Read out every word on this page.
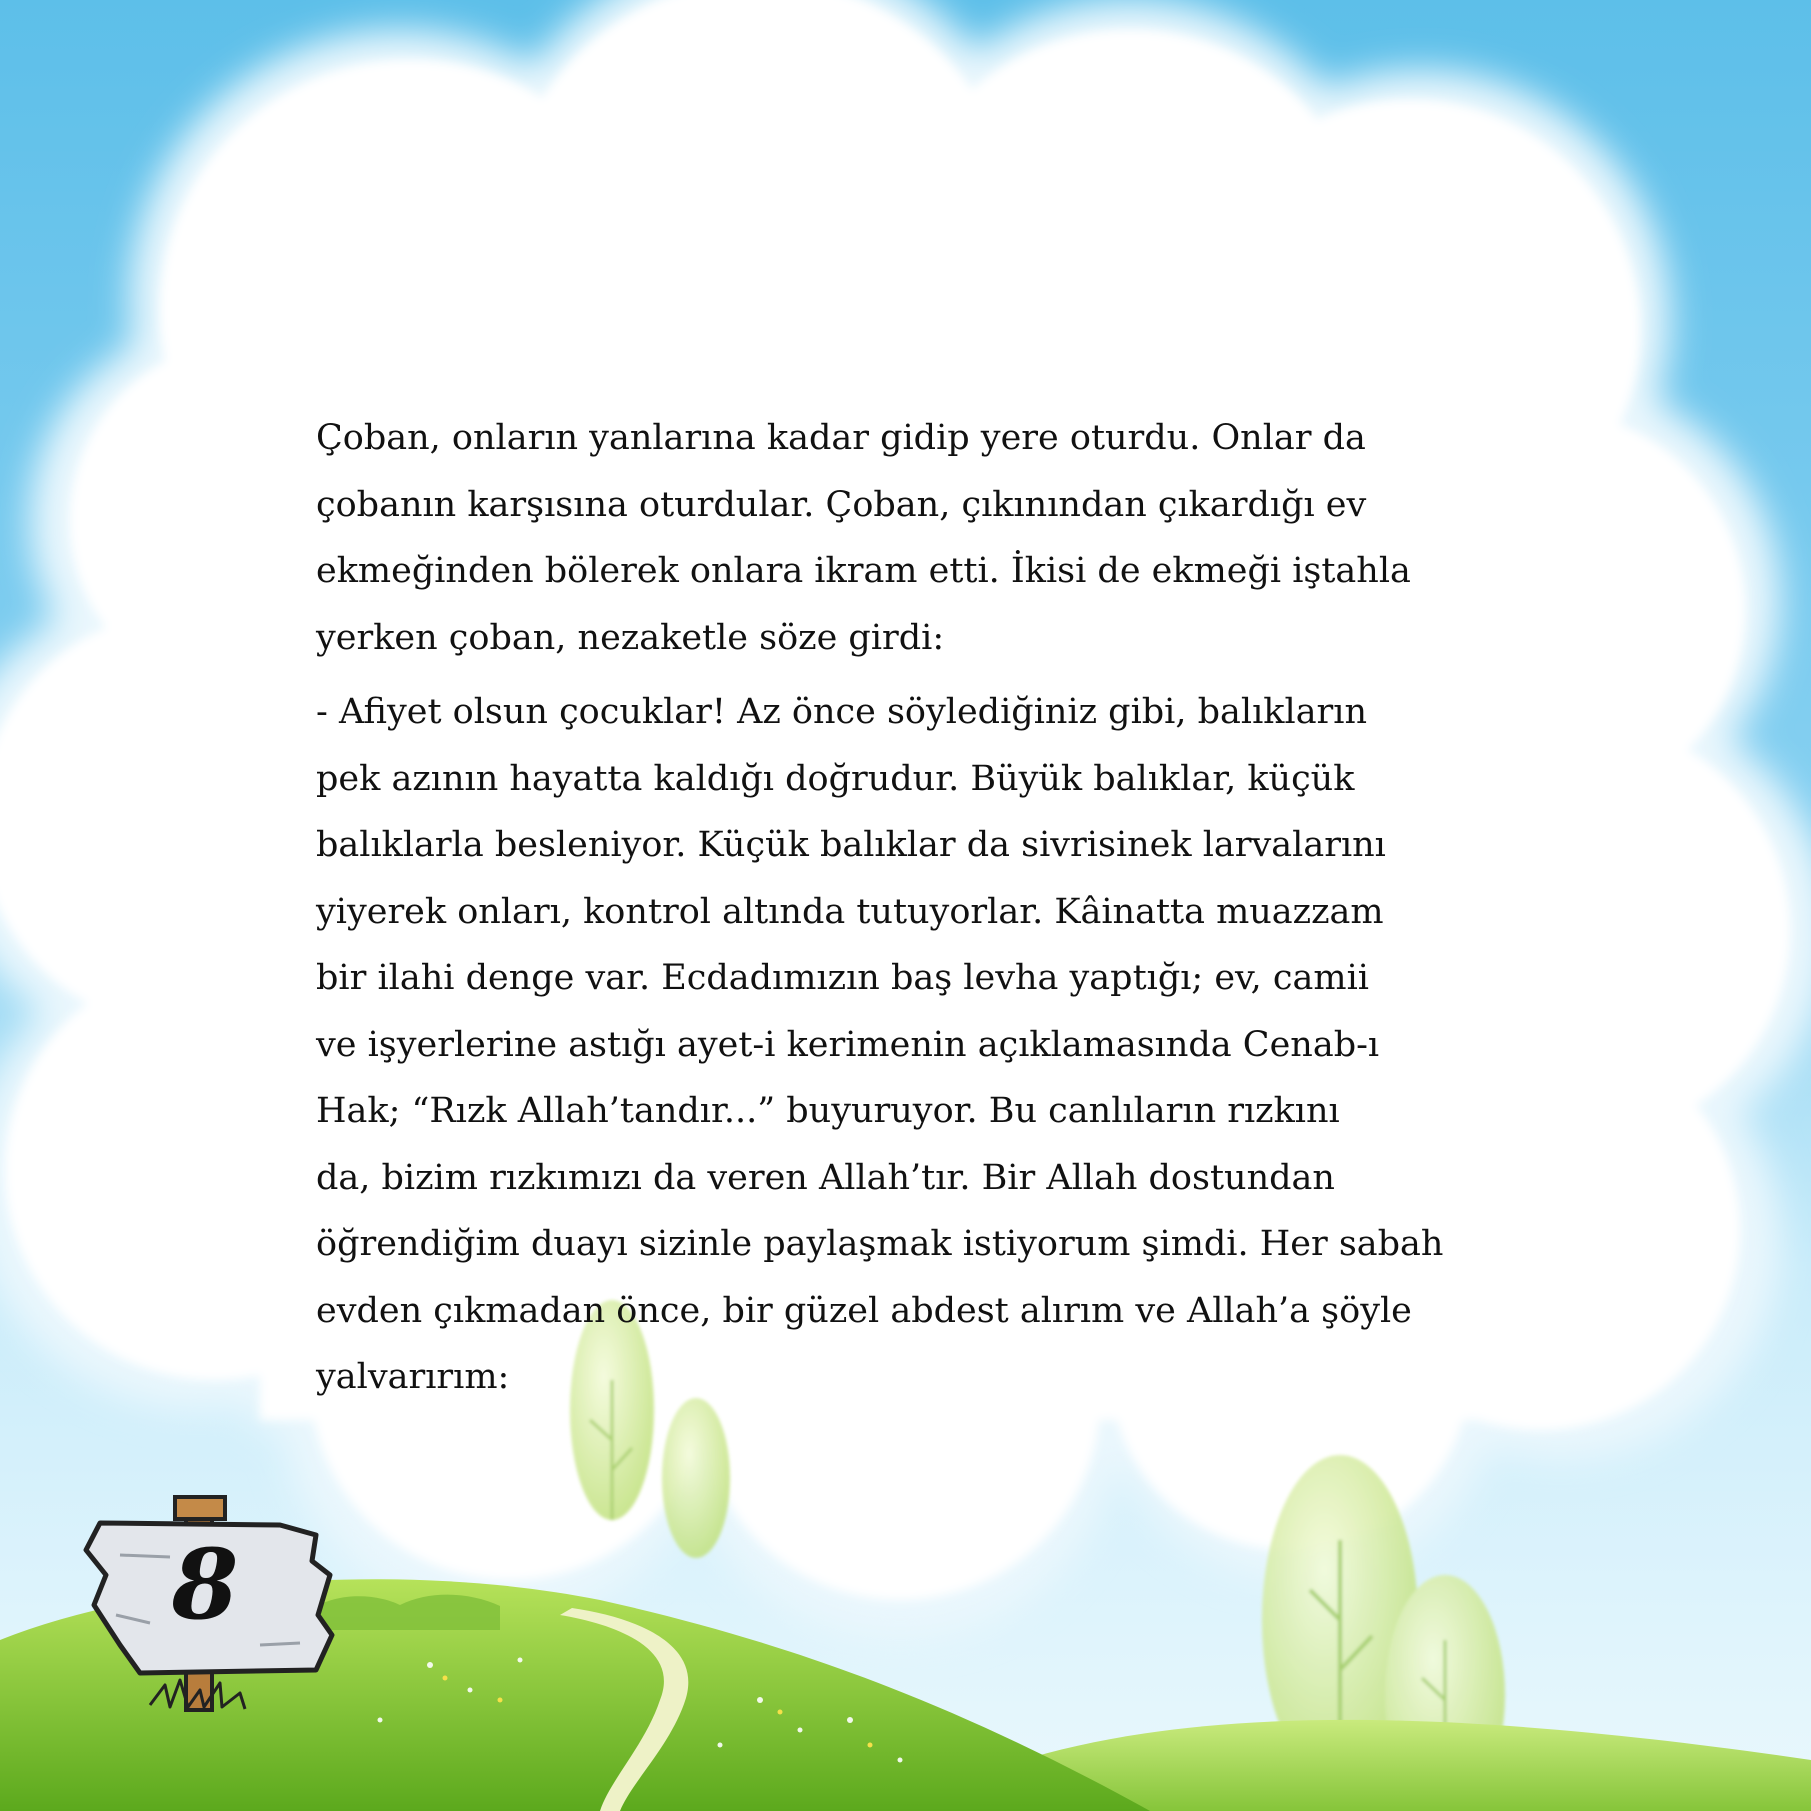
8

Çoban, onların yanlarına kadar gidip yere oturdu. Onlar da
çobanın karşısına oturdular. Çoban, çıkınından çıkardığı ev
ekmeğinden bölerek onlara ikram etti. İkisi de ekmeği iştahla
yerken çoban, nezaketle söze girdi:

- Afiyet olsun çocuklar! Az önce söylediğiniz gibi, balıkların
pek azının hayatta kaldığı doğrudur. Büyük balıklar, küçük
balıklarla besleniyor. Küçük balıklar da sivrisinek larvalarını
yiyerek onları, kontrol altında tutuyorlar. Kâinatta muazzam
bir ilahi denge var. Ecdadımızın baş levha yaptığı; ev, camii
ve işyerlerine astığı ayet-i kerimenin açıklamasında Cenab-ı
Hak; “Rızk Allah’tandır...” buyuruyor. Bu canlıların rızkını
da, bizim rızkımızı da veren Allah’tır. Bir Allah dostundan
öğrendiğim duayı sizinle paylaşmak istiyorum şimdi. Her sabah
evden çıkmadan önce, bir güzel abdest alırım ve Allah’a şöyle
yalvarırım:
